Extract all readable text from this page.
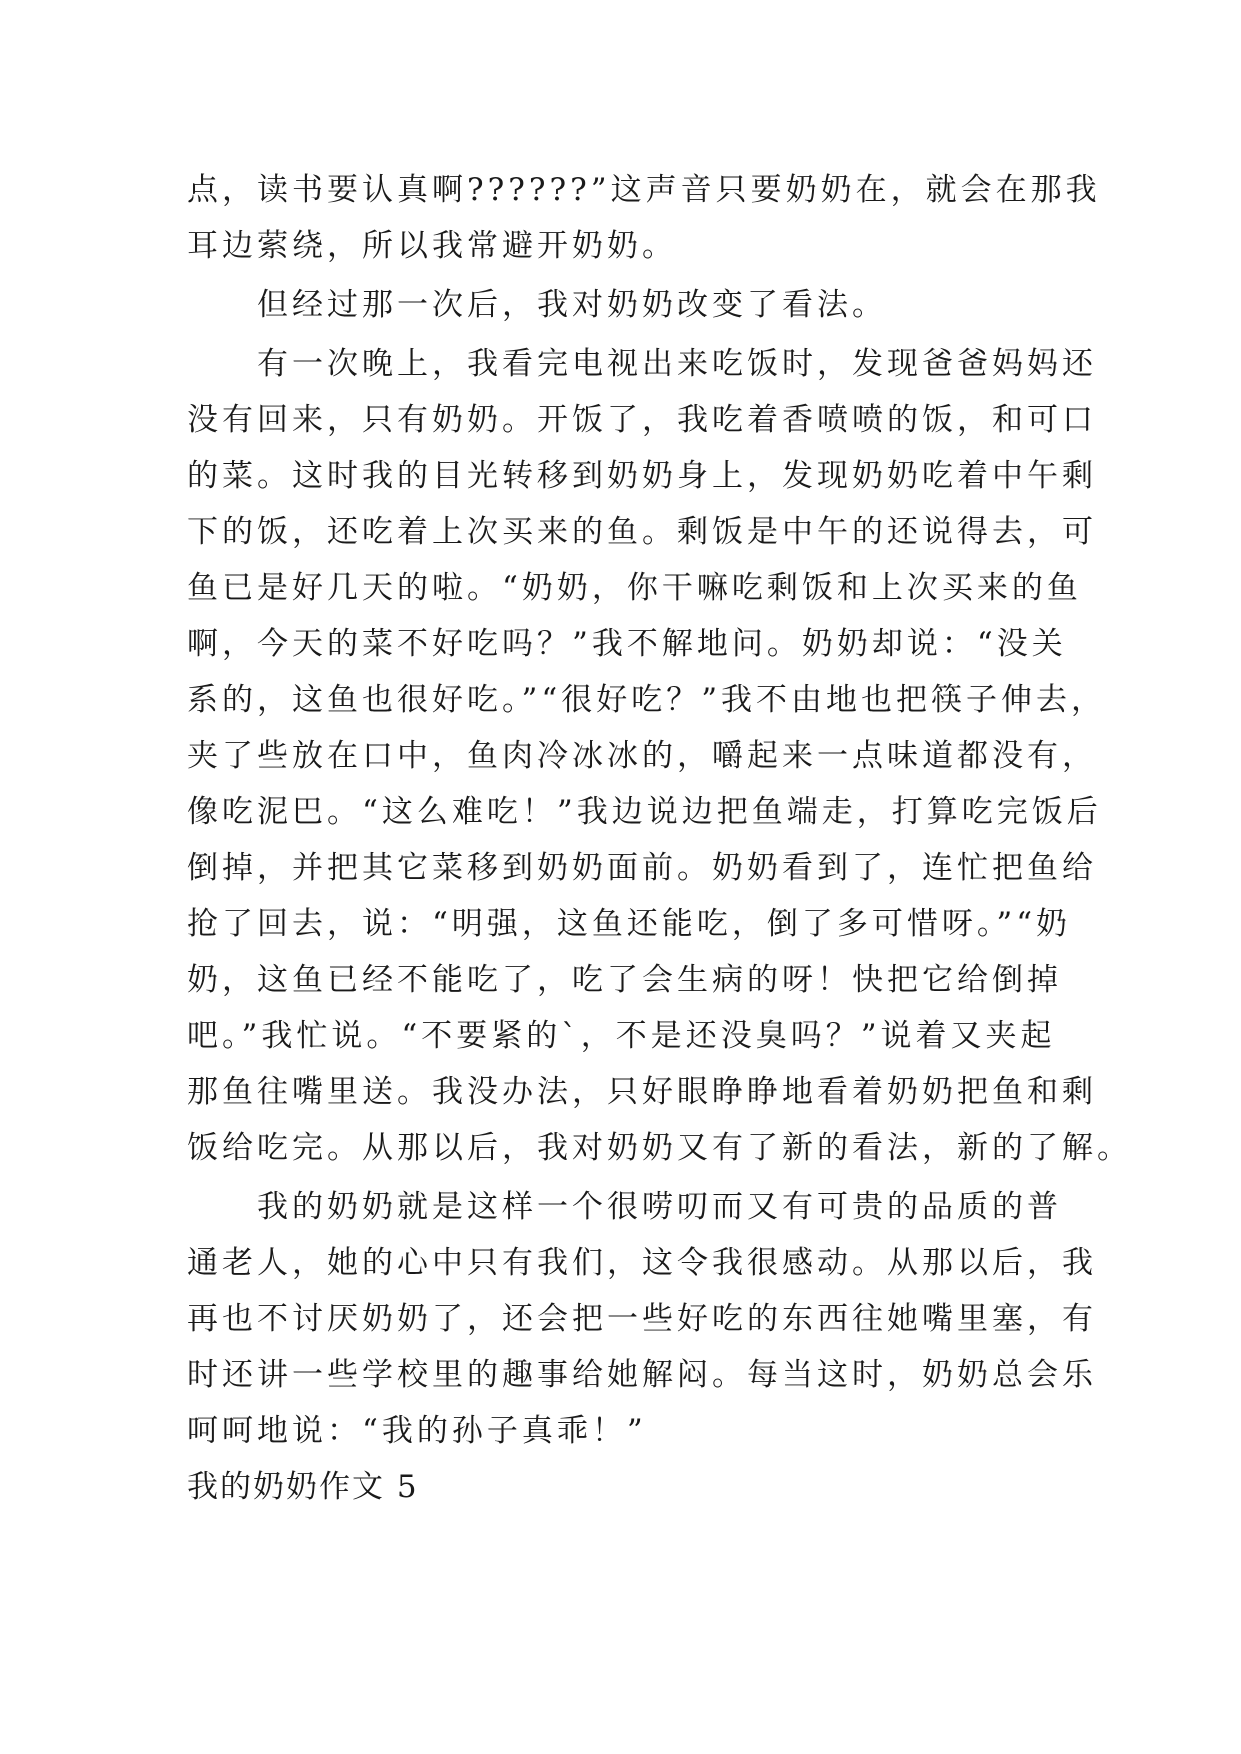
点，读书要认真啊??????”这声音只要奶奶在，就会在那我
耳边萦绕，所以我常避开奶奶。
但经过那一次后，我对奶奶改变了看法。
有一次晚上，我看完电视出来吃饭时，发现爸爸妈妈还
没有回来，只有奶奶。开饭了，我吃着香喷喷的饭，和可口
的菜。这时我的目光转移到奶奶身上，发现奶奶吃着中午剩
下的饭，还吃着上次买来的鱼。剩饭是中午的还说得去，可
鱼已是好几天的啦。“奶奶，你干嘛吃剩饭和上次买来的鱼
啊，今天的菜不好吃吗？”我不解地问。奶奶却说：“没关
系的，这鱼也很好吃。”“很好吃？”我不由地也把筷子伸去，
夹了些放在口中，鱼肉冷冰冰的，嚼起来一点味道都没有，
像吃泥巴。“这么难吃！”我边说边把鱼端走，打算吃完饭后
倒掉，并把其它菜移到奶奶面前。奶奶看到了，连忙把鱼给
抢了回去，说：“明强，这鱼还能吃，倒了多可惜呀。”“奶
奶，这鱼已经不能吃了，吃了会生病的呀！快把它给倒掉
吧。”我忙说。“不要紧的`，不是还没臭吗？”说着又夹起
那鱼往嘴里送。我没办法，只好眼睁睁地看着奶奶把鱼和剩
饭给吃完。从那以后，我对奶奶又有了新的看法，新的了解。
我的奶奶就是这样一个很唠叨而又有可贵的品质的普
通老人，她的心中只有我们，这令我很感动。从那以后，我
再也不讨厌奶奶了，还会把一些好吃的东西往她嘴里塞，有
时还讲一些学校里的趣事给她解闷。每当这时，奶奶总会乐
呵呵地说：“我的孙子真乖！”
我的奶奶作文 5
